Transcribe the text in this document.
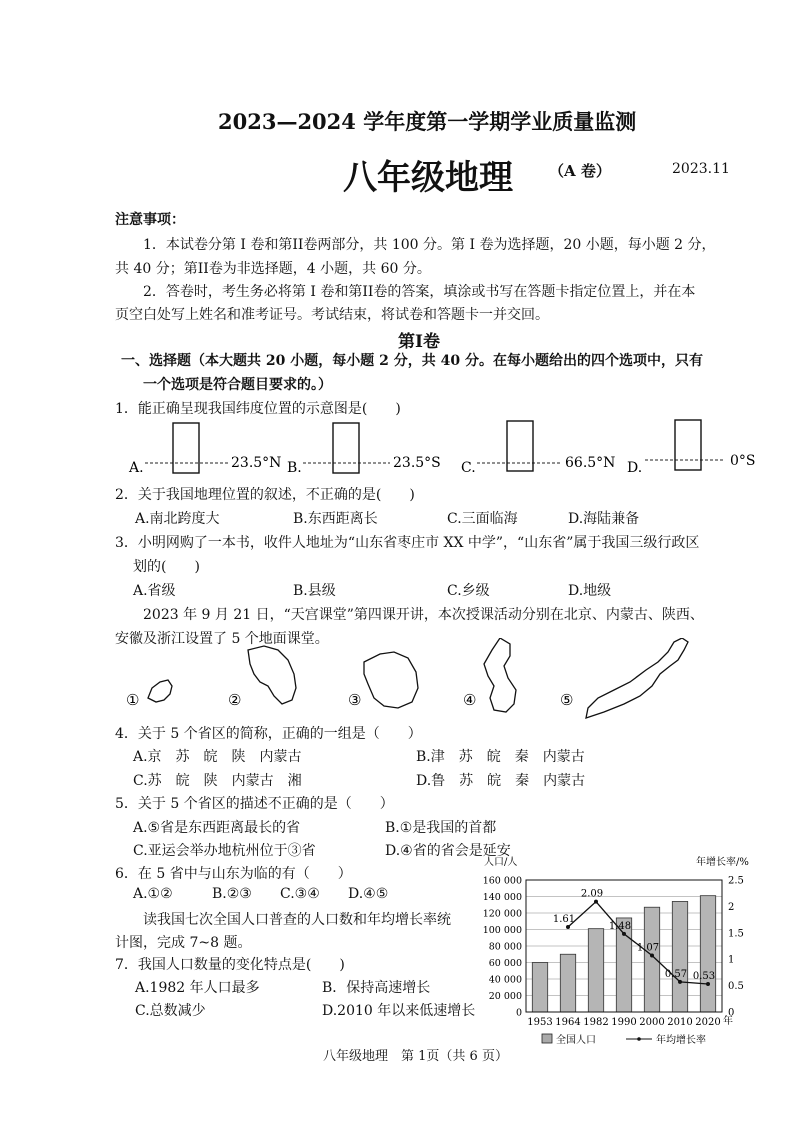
2023—2024 学年度第一学期学业质量监测
八年级地理 （A 卷）	2023.11
注意事项：
1．本试卷分第 I 卷和第II卷两部分，共 100 分。第 I 卷为选择题，20 小题，每小题 2 分，
共 40 分；第II卷为非选择题，4 小题，共 60 分。
2．答卷时，考生务必将第 I 卷和第II卷的答案，填涂或书写在答题卡指定位置上，并在本
页空白处写上姓名和准考证号。考试结束，将试卷和答题卡一并交回。
第I卷
一、选择题（本大题共 20 小题，每小题 2 分，共 40 分。在每小题给出的四个选项中，只有
一个选项是符合题目要求的。）
1．能正确呈现我国纬度位置的示意图是(　　)
A.	23.5°N B.	23.5°S C.	66.5°N D.	0°S
2．关于我国地理位置的叙述，不正确的是(　　)
A.南北跨度大	B.东西距离长	C.三面临海	D.海陆兼备
3．小明网购了一本书，收件人地址为“山东省枣庄市 XX 中学”，“山东省”属于我国三级行政区
划的(　　)
A.省级	B.县级	C.乡级	D.地级
2023 年 9 月 21 日，“天宫课堂”第四课开讲，本次授课活动分别在北京、内蒙古、陕西、
安徽及浙江设置了 5 个地面课堂。
①	②	③	④	⑤
4．关于 5 个省区的简称，正确的一组是（　　）
A.京　苏　皖　陕　内蒙古	B.津　苏　皖　秦　内蒙古
C.苏　皖　陕　内蒙古　湘	D.鲁　苏　皖　秦　内蒙古
5．关于 5 个省区的描述不正确的是（　　）
A.⑤省是东西距离最长的省	B.①是我国的首都
C.亚运会举办地杭州位于③省	D.④省的省会是延安
6．在 5 省中与山东为临的有（　　）
A.①②	B.②③ C.③④ D.④⑤
读我国七次全国人口普查的人口数和年均增长率统
计图，完成 7~8 题。
7．我国人口数量的变化特点是(　　)
A.1982 年人口最多	B．保持高速增长
C.总数减少	D.2010 年以来低速增长
人口/人	年增长率/%
1.61
2.09
1.48
1.07
0.57 0.53
160 000
140 000
120 000
100 000
80 000
60 000
40 000
20 000
0
2.5
2
1.5
1
0.5
0
1953 1964 1982 1990 2000 2010 2020 年
全国人口	年均增长率
八年级地理　第 1页（共 6 页）
